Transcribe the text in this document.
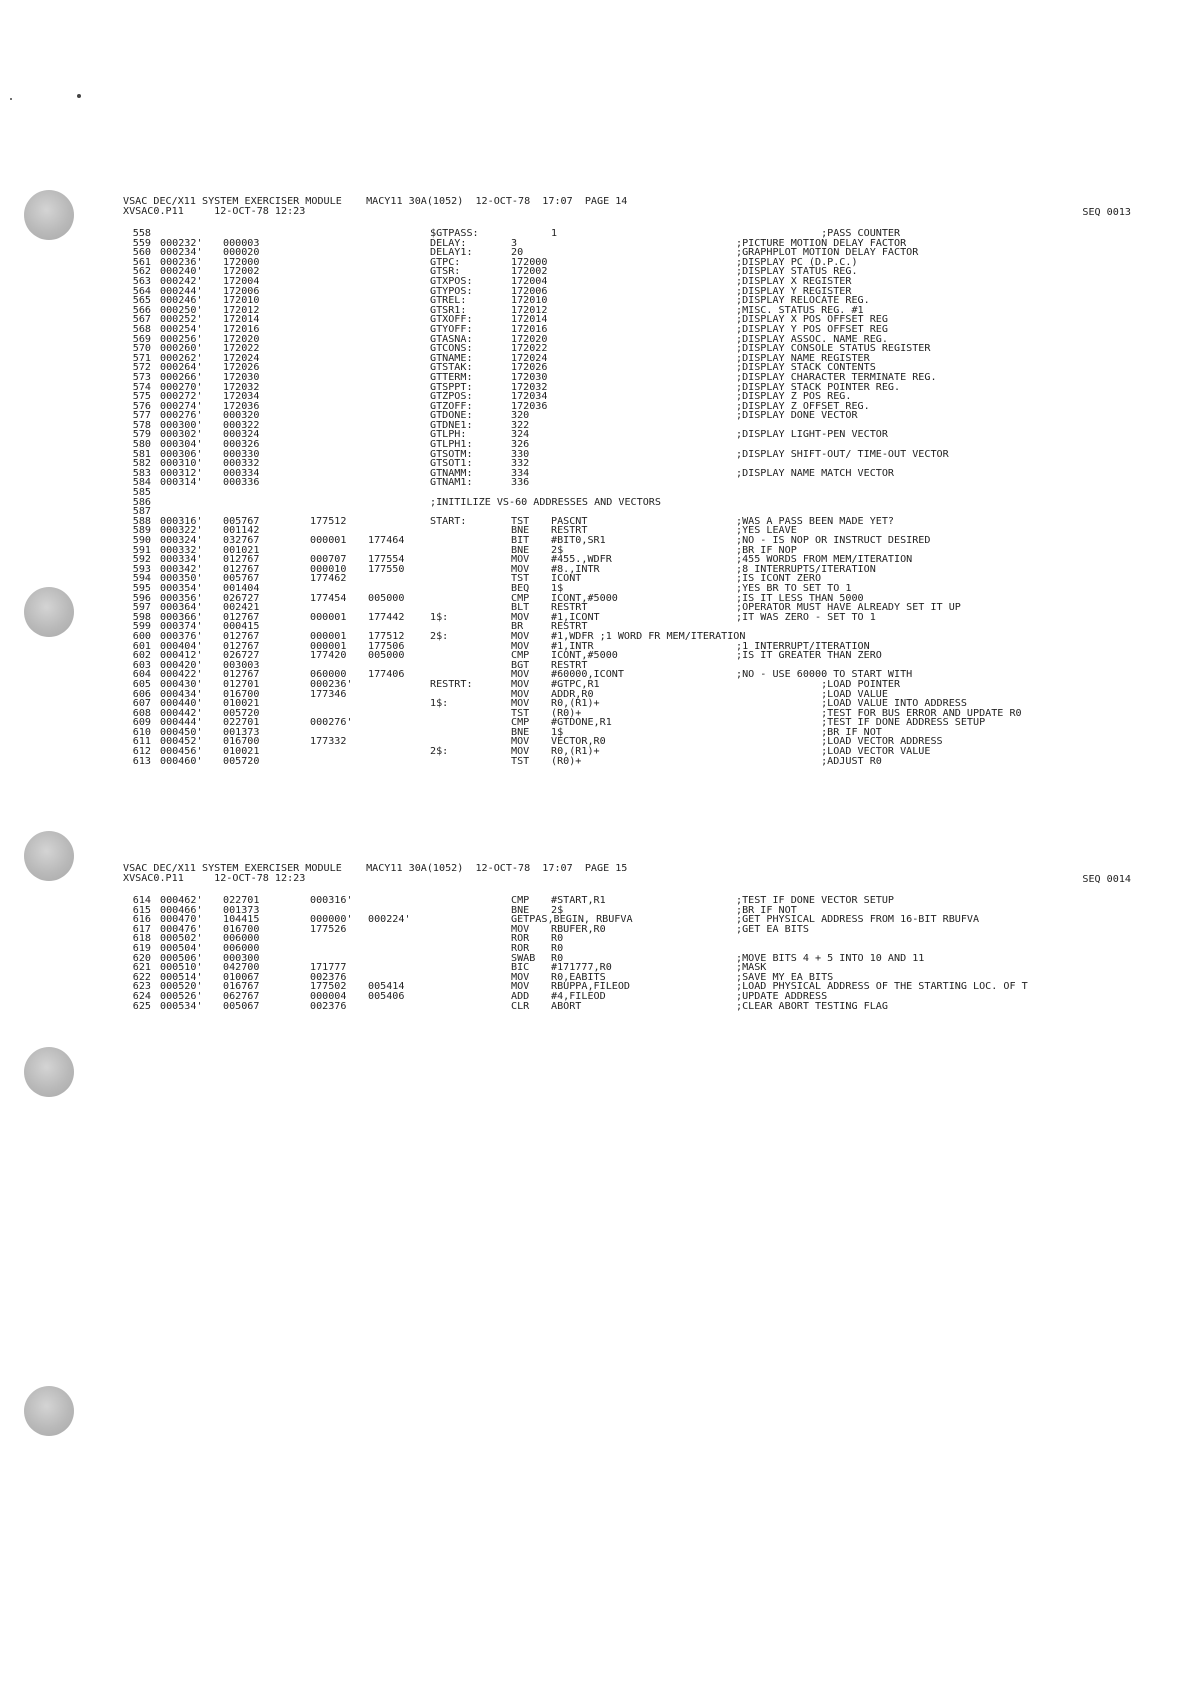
VSAC DEC/X11 SYSTEM EXERCISER MODULE    MACY11 30A(1052)  12-OCT-78  17:07  PAGE 14
XVSAC0.P11     12-OCT-78 12:23	SEQ 0013
558	$GTPASS:	1	;PASS COUNTER
559 000232' 000003	DELAY:	3	;PICTURE MOTION DELAY FACTOR
560 000234' 000020	DELAY1:	20	;GRAPHPLOT MOTION DELAY FACTOR
561 000236' 172000	GTPC:	172000	;DISPLAY PC (D.P.C.)
562 000240' 172002	GTSR:	172002	;DISPLAY STATUS REG.
563 000242' 172004	GTXPOS:	172004	;DISPLAY X REGISTER
564 000244' 172006	GTYPOS:	172006	;DISPLAY Y REGISTER
565 000246' 172010	GTREL:	172010	;DISPLAY RELOCATE REG.
566 000250' 172012	GTSR1:	172012	;MISC. STATUS REG. #1
567 000252' 172014	GTXOFF:	172014	;DISPLAY X POS OFFSET REG
568 000254' 172016	GTYOFF:	172016	;DISPLAY Y POS OFFSET REG
569 000256' 172020	GTASNA:	172020	;DISPLAY ASSOC. NAME REG.
570 000260' 172022	GTCONS:	172022	;DISPLAY CONSOLE STATUS REGISTER
571 000262' 172024	GTNAME:	172024	;DISPLAY NAME REGISTER
572 000264' 172026	GTSTAK:	172026	;DISPLAY STACK CONTENTS
573 000266' 172030	GTTERM:	172030	;DISPLAY CHARACTER TERMINATE REG.
574 000270' 172032	GTSPPT:	172032	;DISPLAY STACK POINTER REG.
575 000272' 172034	GTZPOS:	172034	;DISPLAY Z POS REG.
576 000274' 172036	GTZOFF:	172036	;DISPLAY Z OFFSET REG.
577 000276' 000320	GTDONE:	320	;DISPLAY DONE VECTOR
578 000300' 000322	GTDNE1:	322
579 000302' 000324	GTLPH:	324	;DISPLAY LIGHT-PEN VECTOR
580 000304' 000326	GTLPH1:	326
581 000306' 000330	GTSOTM:	330	;DISPLAY SHIFT-OUT/ TIME-OUT VECTOR
582 000310' 000332	GTSOT1:	332
583 000312' 000334	GTNAMM:	334	;DISPLAY NAME MATCH VECTOR
584 000314' 000336	GTNAM1:	336
585
586	;INITILIZE VS-60 ADDRESSES AND VECTORS
587
588 000316' 005767	177512	START:	TST PASCNT	;WAS A PASS BEEN MADE YET?
589 000322' 001142	BNE RESTRT	;YES LEAVE
590 000324' 032767	000001 177464	BIT #BIT0,SR1	;NO - IS NOP OR INSTRUCT DESIRED
591 000332' 001021	BNE 2$	;BR IF NOP
592 000334' 012767	000707 177554	MOV #455.,WDFR	;455 WORDS FROM MEM/ITERATION
593 000342' 012767	000010 177550	MOV #8.,INTR	;8 INTERRUPTS/ITERATION
594 000350' 005767	177462	TST ICONT	;IS ICONT ZERO
595 000354' 001404	BEQ 1$	;YES BR TO SET TO 1
596 000356' 026727	177454 005000	CMP ICONT,#5000	;IS IT LESS THAN 5000
597 000364' 002421	BLT RESTRT	;OPERATOR MUST HAVE ALREADY SET IT UP
598 000366' 012767	000001 177442	1$:	MOV #1,ICONT	;IT WAS ZERO - SET TO 1
599 000374' 000415	BR	RESTRT
600 000376' 012767	000001 177512	2$:	MOV #1,WDFR ;1 WORD FR MEM/ITERATION
601 000404' 012767	000001 177506	MOV #1,INTR	;1 INTERRUPT/ITERATION
602 000412' 026727	177420 005000	CMP ICONT,#5000	;IS IT GREATER THAN ZERO
603 000420' 003003	BGT RESTRT
604 000422' 012767	060000 177406	MOV #60000,ICONT	;NO - USE 60000 TO START WITH
605 000430' 012701	000236'	RESTRT:	MOV #GTPC,R1	;LOAD POINTER
606 000434' 016700	177346	MOV ADDR,R0	;LOAD VALUE
607 000440' 010021	1$:	MOV R0,(R1)+	;LOAD VALUE INTO ADDRESS
608 000442' 005720	TST (R0)+	;TEST FOR BUS ERROR AND UPDATE R0
609 000444' 022701	000276'	CMP #GTDONE,R1	;TEST IF DONE ADDRESS SETUP
610 000450' 001373	BNE 1$	;BR IF NOT
611 000452' 016700	177332	MOV VECTOR,R0	;LOAD VECTOR ADDRESS
612 000456' 010021	2$:	MOV R0,(R1)+	;LOAD VECTOR VALUE
613 000460' 005720	TST (R0)+	;ADJUST R0
VSAC DEC/X11 SYSTEM EXERCISER MODULE    MACY11 30A(1052)  12-OCT-78  17:07  PAGE 15
XVSAC0.P11     12-OCT-78 12:23	SEQ 0014
614 000462' 022701	000316'	CMP #START,R1	;TEST IF DONE VECTOR SETUP
615 000466' 001373	BNE 2$	;BR IF NOT
616 000470' 104415	000000' 000224'	GETPAS,BEGIN, RBUFVA	;GET PHYSICAL ADDRESS FROM 16-BIT RBUFVA
617 000476' 016700	177526	MOV RBUFER,R0	;GET EA BITS
618 000502' 006000	ROR R0
619 000504' 006000	ROR R0
620 000506' 000300	SWAB R0	;MOVE BITS 4 + 5 INTO 10 AND 11
621 000510' 042700	171777	BIC #171777,R0	;MASK
622 000514' 010067	002376	MOV R0,EABITS	;SAVE MY EA BITS
623 000520' 016767	177502 005414	MOV RBUPPA,FILEOD	;LOAD PHYSICAL ADDRESS OF THE STARTING LOC. OF T
624 000526' 062767	000004 005406	ADD #4,FILEOD	;UPDATE ADDRESS
625 000534' 005067	002376	CLR ABORT	;CLEAR ABORT TESTING FLAG
